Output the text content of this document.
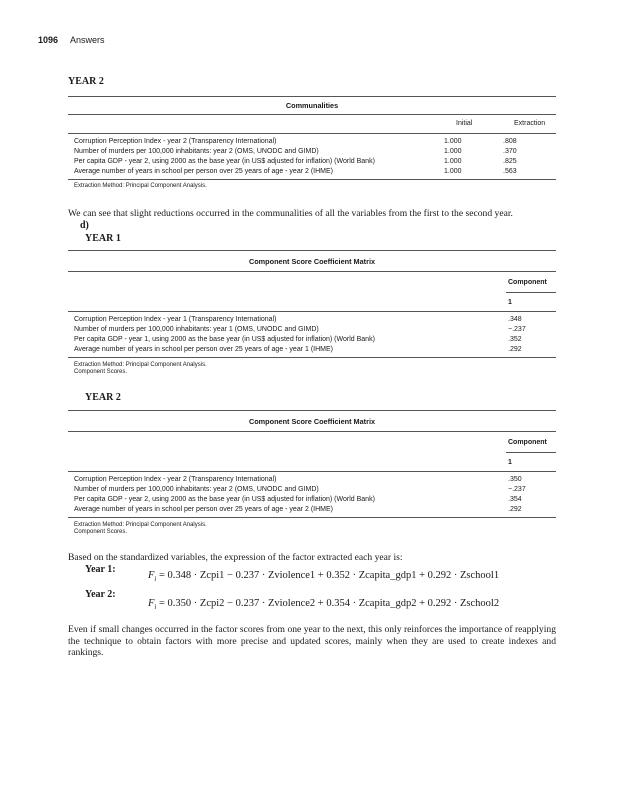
1096 Answers
YEAR 2
Communalities
Initial	Extraction
Corruption Perception Index - year 2 (Transparency International)	1.000	.808
Number of murders per 100,000 inhabitants: year 2 (OMS, UNODC and GIMD)	1.000	.370
Per capita GDP - year 2, using 2000 as the base year (in US$ adjusted for inflation) (World Bank)	1.000	.825
Average number of years in school per person over 25 years of age - year 2 (IHME)	1.000	.563
Extraction Method: Principal Component Analysis.
We can see that slight reductions occurred in the communalities of all the variables from the first to the second year.
d)
YEAR 1
Component Score Coefficient Matrix
Component
1
Corruption Perception Index - year 1 (Transparency International)	.348
Number of murders per 100,000 inhabitants: year 1 (OMS, UNODC and GIMD)	−.237
Per capita GDP - year 1, using 2000 as the base year (in US$ adjusted for inflation) (World Bank)	.352
Average number of years in school per person over 25 years of age - year 1 (IHME)	.292
Extraction Method: Principal Component Analysis.
Component Scores.
YEAR 2
Component Score Coefficient Matrix
Component
1
Corruption Perception Index - year 2 (Transparency International)	.350
Number of murders per 100,000 inhabitants: year 2 (OMS, UNODC and GIMD)	−.237
Per capita GDP - year 2, using 2000 as the base year (in US$ adjusted for inflation) (World Bank)	.354
Average number of years in school per person over 25 years of age - year 2 (IHME)	.292
Extraction Method: Principal Component Analysis.
Component Scores.
Based on the standardized variables, the expression of the factor extracted each year is:
Year 1:
$F_i = 0.348$ · Zcpi1 − 0.237 · Zviolence1 + 0.352 · Zcapita_gdp1 + 0.292 · Zschool1
Year 2:
$F_i = 0.350$ · Zcpi2 − 0.237 · Zviolence2 + 0.354 · Zcapita_gdp2 + 0.292 · Zschool2
Even if small changes occurred in the factor scores from one year to the next, this only reinforces the importance of reapplying the technique to obtain factors with more precise and updated scores, mainly when they are used to create indexes and rankings.
